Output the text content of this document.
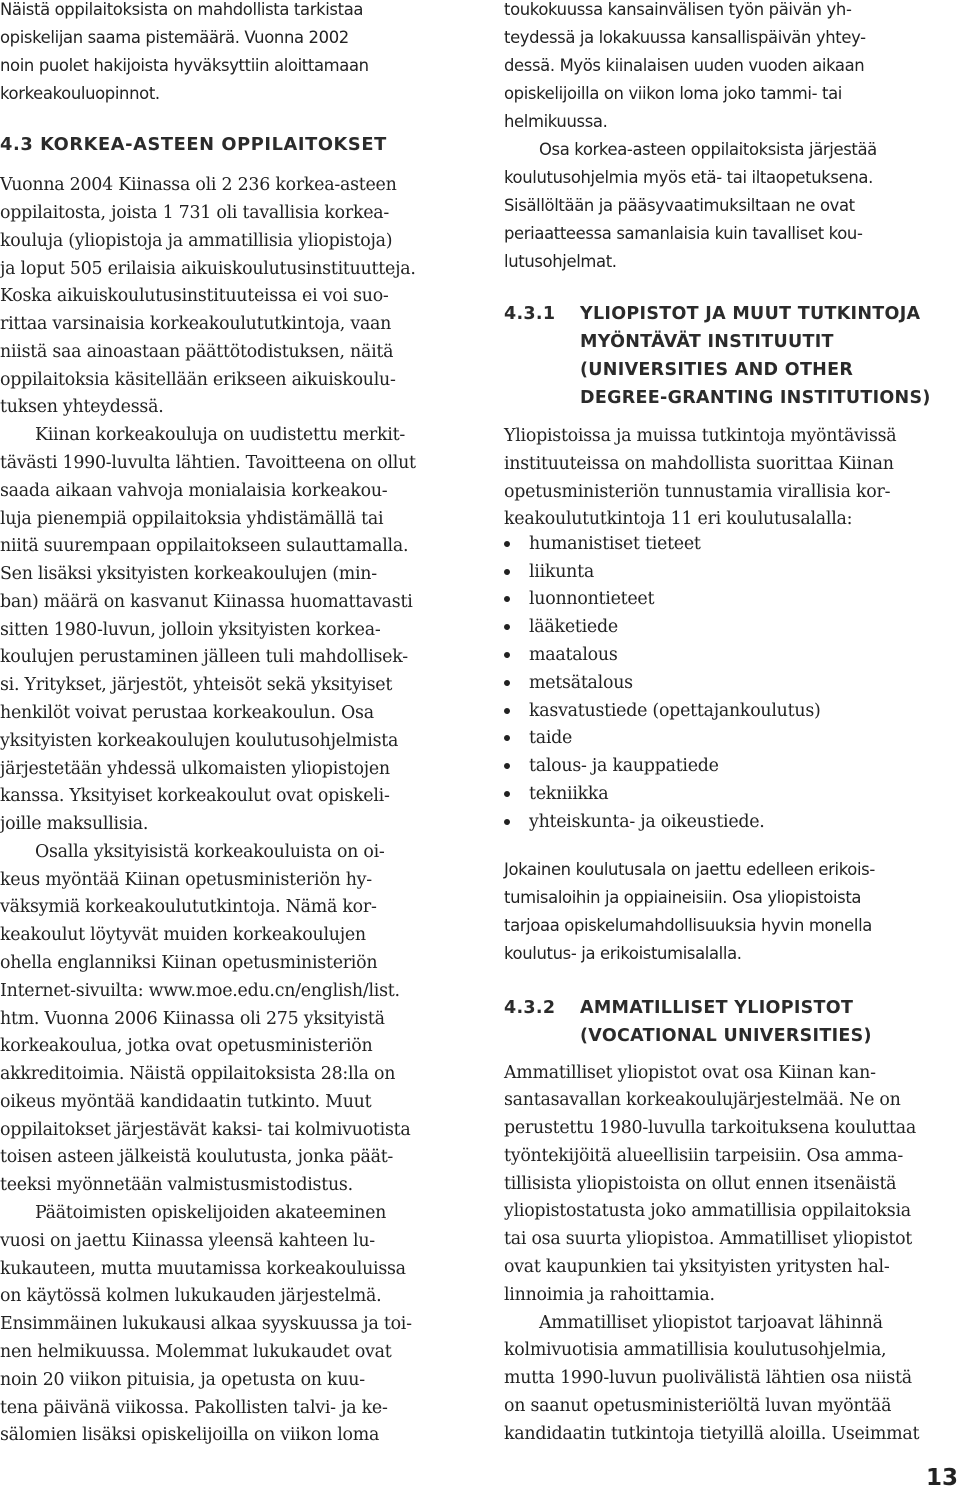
Näistä oppilaitoksista on mahdollista tarkistaa
opiskelijan saama pistemäärä. Vuonna 2002
noin puolet hakijoista hyväksyttiin aloittamaan
korkeakouluopinnot.
4.3 KORKEA-ASTEEN OPPILAITOKSET
Vuonna 2004 Kiinassa oli 2 236 korkea-asteen
oppilaitosta, joista 1 731 oli tavallisia korkea-
kouluja (yliopistoja ja ammatillisia yliopistoja)
ja loput 505 erilaisia aikuiskoulutusinstituutteja.
Koska aikuiskoulutusinstituuteissa ei voi suo-
rittaa varsinaisia korkeakoulututkintoja, vaan
niistä saa ainoastaan päättötodistuksen, näitä
oppilaitoksia käsitellään erikseen aikuiskoulu-
tuksen yhteydessä.
Kiinan korkeakouluja on uudistettu merkit-
tävästi 1990-luvulta lähtien. Tavoitteena on ollut
saada aikaan vahvoja monialaisia korkeakou-
luja pienempiä oppilaitoksia yhdistämällä tai
niitä suurempaan oppilaitokseen sulauttamalla.
Sen lisäksi yksityisten korkeakoulujen (min-
ban) määrä on kasvanut Kiinassa huomattavasti
sitten 1980-luvun, jolloin yksityisten korkea-
koulujen perustaminen jälleen tuli mahdollisek-
si. Yritykset, järjestöt, yhteisöt sekä yksityiset
henkilöt voivat perustaa korkeakoulun. Osa
yksityisten korkeakoulujen koulutusohjelmista
järjestetään yhdessä ulkomaisten yliopistojen
kanssa. Yksityiset korkeakoulut ovat opiskeli-
joille maksullisia.
Osalla yksityisistä korkeakouluista on oi-
keus myöntää Kiinan opetusministeriön hy-
väksymiä korkeakoulututkintoja. Nämä kor-
keakoulut löytyvät muiden korkeakoulujen
ohella englanniksi Kiinan opetusministeriön
Internet-sivuilta: www.moe.edu.cn/english/list.
htm. Vuonna 2006 Kiinassa oli 275 yksityistä
korkeakoulua, jotka ovat opetusministeriön
akkreditoimia. Näistä oppilaitoksista 28:lla on
oikeus myöntää kandidaatin tutkinto. Muut
oppilaitokset järjestävät kaksi- tai kolmivuotista
toisen asteen jälkeistä koulutusta, jonka päät-
teeksi myönnetään valmistusmistodistus.
Päätoimisten opiskelijoiden akateeminen
vuosi on jaettu Kiinassa yleensä kahteen lu-
kukauteen, mutta muutamissa korkeakouluissa
on käytössä kolmen lukukauden järjestelmä.
Ensimmäinen lukukausi alkaa syyskuussa ja toi-
nen helmikuussa. Molemmat lukukaudet ovat
noin 20 viikon pituisia, ja opetusta on kuu-
tena päivänä viikossa. Pakollisten talvi- ja ke-
sälomien lisäksi opiskelijoilla on viikon loma
toukokuussa kansainvälisen työn päivän yh-
teydessä ja lokakuussa kansallispäivän yhtey-
dessä. Myös kiinalaisen uuden vuoden aikaan
opiskelijoilla on viikon loma joko tammi- tai
helmikuussa.
Osa korkea-asteen oppilaitoksista järjestää
koulutusohjelmia myös etä- tai iltaopetuksena.
Sisällöltään ja pääsyvaatimuksiltaan ne ovat
periaatteessa samanlaisia kuin tavalliset kou-
lutusohjelmat.
4.3.1 YLIOPISTOT JA MUUT TUTKINTOJA
MYÖNTÄVÄT INSTITUUTIT
(UNIVERSITIES AND OTHER
DEGREE-GRANTING INSTITUTIONS)
Yliopistoissa ja muissa tutkintoja myöntävissä
instituuteissa on mahdollista suorittaa Kiinan
opetusministeriön tunnustamia virallisia kor-
keakoulututkintoja 11 eri koulutusalalla:
humanistiset tieteet
liikunta
luonnontieteet
lääketiede
maatalous
metsätalous
kasvatustiede (opettajankoulutus)
taide
talous- ja kauppatiede
tekniikka
yhteiskunta- ja oikeustiede.
Jokainen koulutusala on jaettu edelleen erikois-
tumisaloihin ja oppiaineisiin. Osa yliopistoista
tarjoaa opiskelumahdollisuuksia hyvin monella
koulutus- ja erikoistumisalalla.
4.3.2 AMMATILLISET YLIOPISTOT
(VOCATIONAL UNIVERSITIES)
Ammatilliset yliopistot ovat osa Kiinan kan-
santasavallan korkeakoulujärjestelmää. Ne on
perustettu 1980-luvulla tarkoituksena kouluttaa
työntekijöitä alueellisiin tarpeisiin. Osa amma-
tillisista yliopistoista on ollut ennen itsenäistä
yliopistostatusta joko ammatillisia oppilaitoksia
tai osa suurta yliopistoa. Ammatilliset yliopistot
ovat kaupunkien tai yksityisten yritysten hal-
linnoimia ja rahoittamia.
Ammatilliset yliopistot tarjoavat lähinnä
kolmivuotisia ammatillisia koulutusohjelmia,
mutta 1990-luvun puolivälistä lähtien osa niistä
on saanut opetusministeriöltä luvan myöntää
kandidaatin tutkintoja tietyillä aloilla. Useimmat
13
